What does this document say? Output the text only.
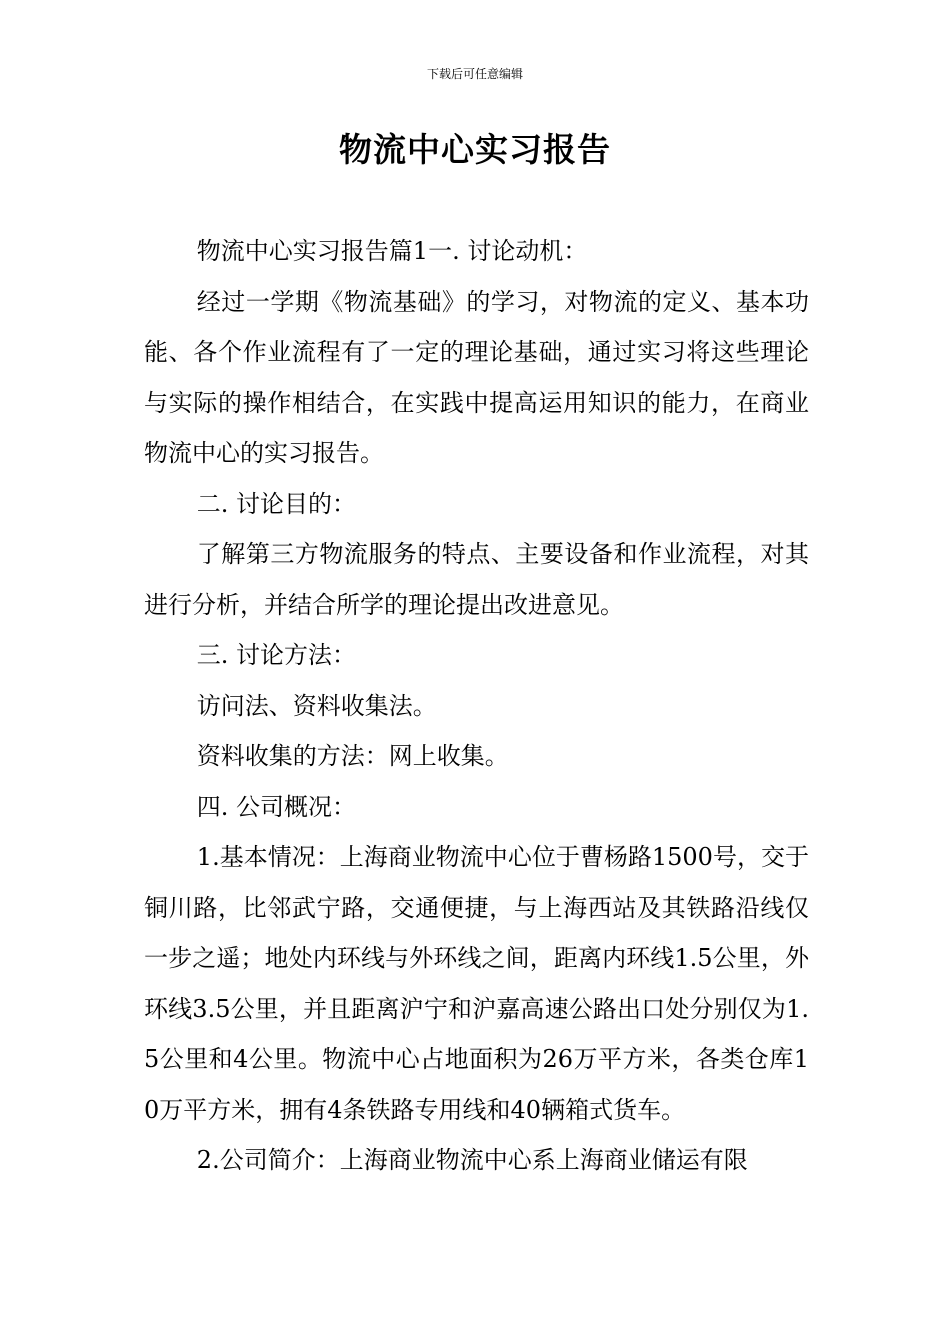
下载后可任意编辑
物流中心实习报告

物流中心实习报告篇1一. 讨论动机：

经过一学期《物流基础》的学习，对物流的定义、基本功能、各个作业流程有了一定的理论基础，通过实习将这些理论与实际的操作相结合，在实践中提高运用知识的能力，在商业物流中心的实习报告。

二. 讨论目的：

了解第三方物流服务的特点、主要设备和作业流程，对其进行分析，并结合所学的理论提出改进意见。

三. 讨论方法：

访问法、资料收集法。

资料收集的方法：网上收集。

四. 公司概况：

1.基本情况：上海商业物流中心位于曹杨路1500号，交于铜川路，比邻武宁路，交通便捷，与上海西站及其铁路沿线仅一步之遥；地处内环线与外环线之间，距离内环线1.5公里，外环线3.5公里，并且距离沪宁和沪嘉高速公路出口处分别仅为1.5公里和4公里。物流中心占地面积为26万平方米，各类仓库10万平方米，拥有4条铁路专用线和40辆箱式货车。

2.公司简介：上海商业物流中心系上海商业储运有限
